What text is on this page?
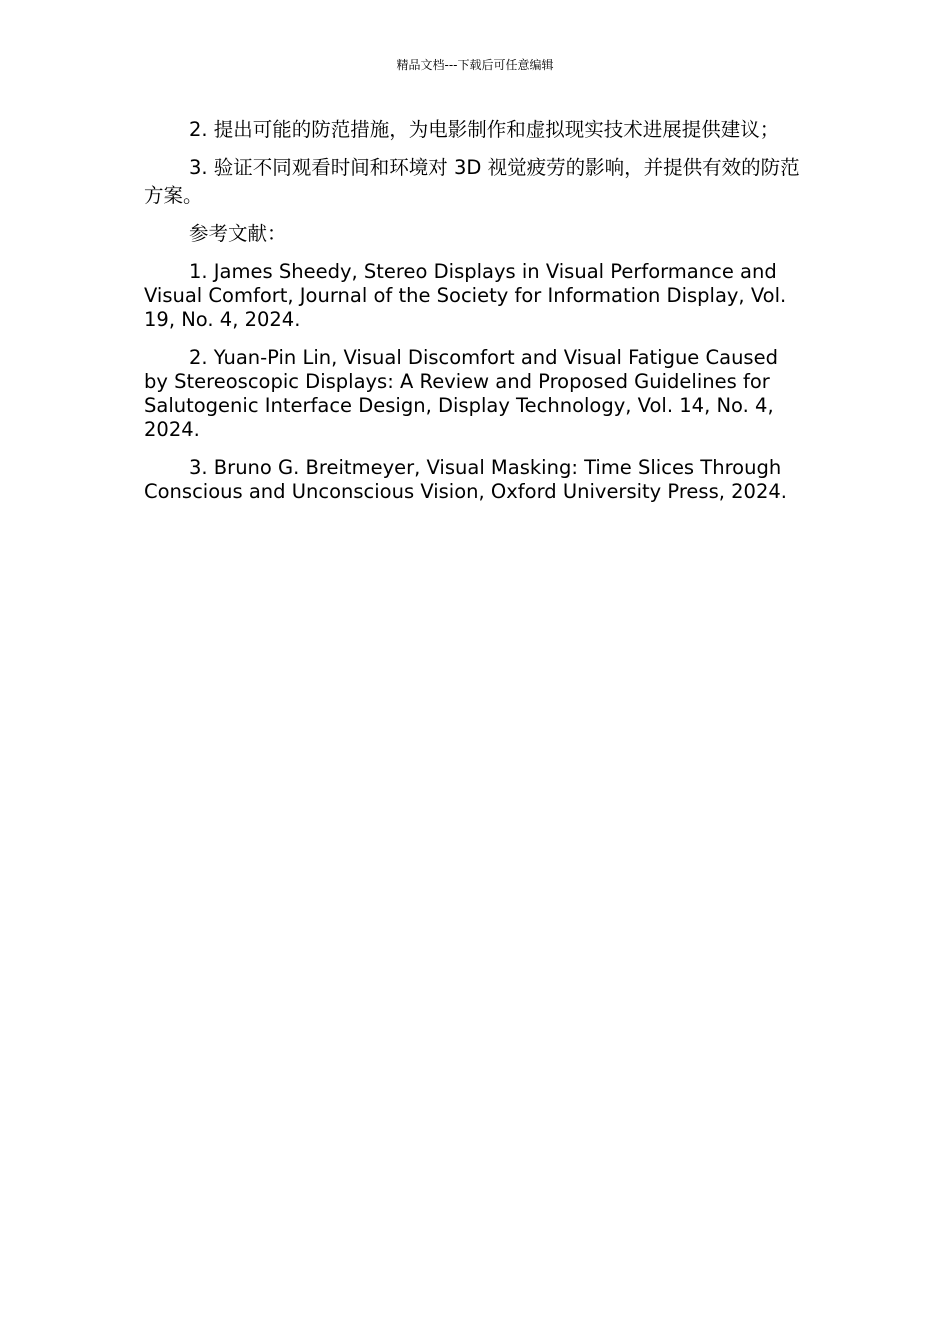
精品文档---下载后可任意编辑

2. 提出可能的防范措施，为电影制作和虚拟现实技术进展提供建议；

3. 验证不同观看时间和环境对 3D 视觉疲劳的影响，并提供有效的防范方案。

参考文献：

1. James Sheedy, Stereo Displays in Visual Performance and Visual Comfort, Journal of the Society for Information Display, Vol. 19, No. 4, 2024.

2. Yuan-Pin Lin, Visual Discomfort and Visual Fatigue Caused by Stereoscopic Displays: A Review and Proposed Guidelines for Salutogenic Interface Design, Display Technology, Vol. 14, No. 4, 2024.

3. Bruno G. Breitmeyer, Visual Masking: Time Slices Through Conscious and Unconscious Vision, Oxford University Press, 2024.
